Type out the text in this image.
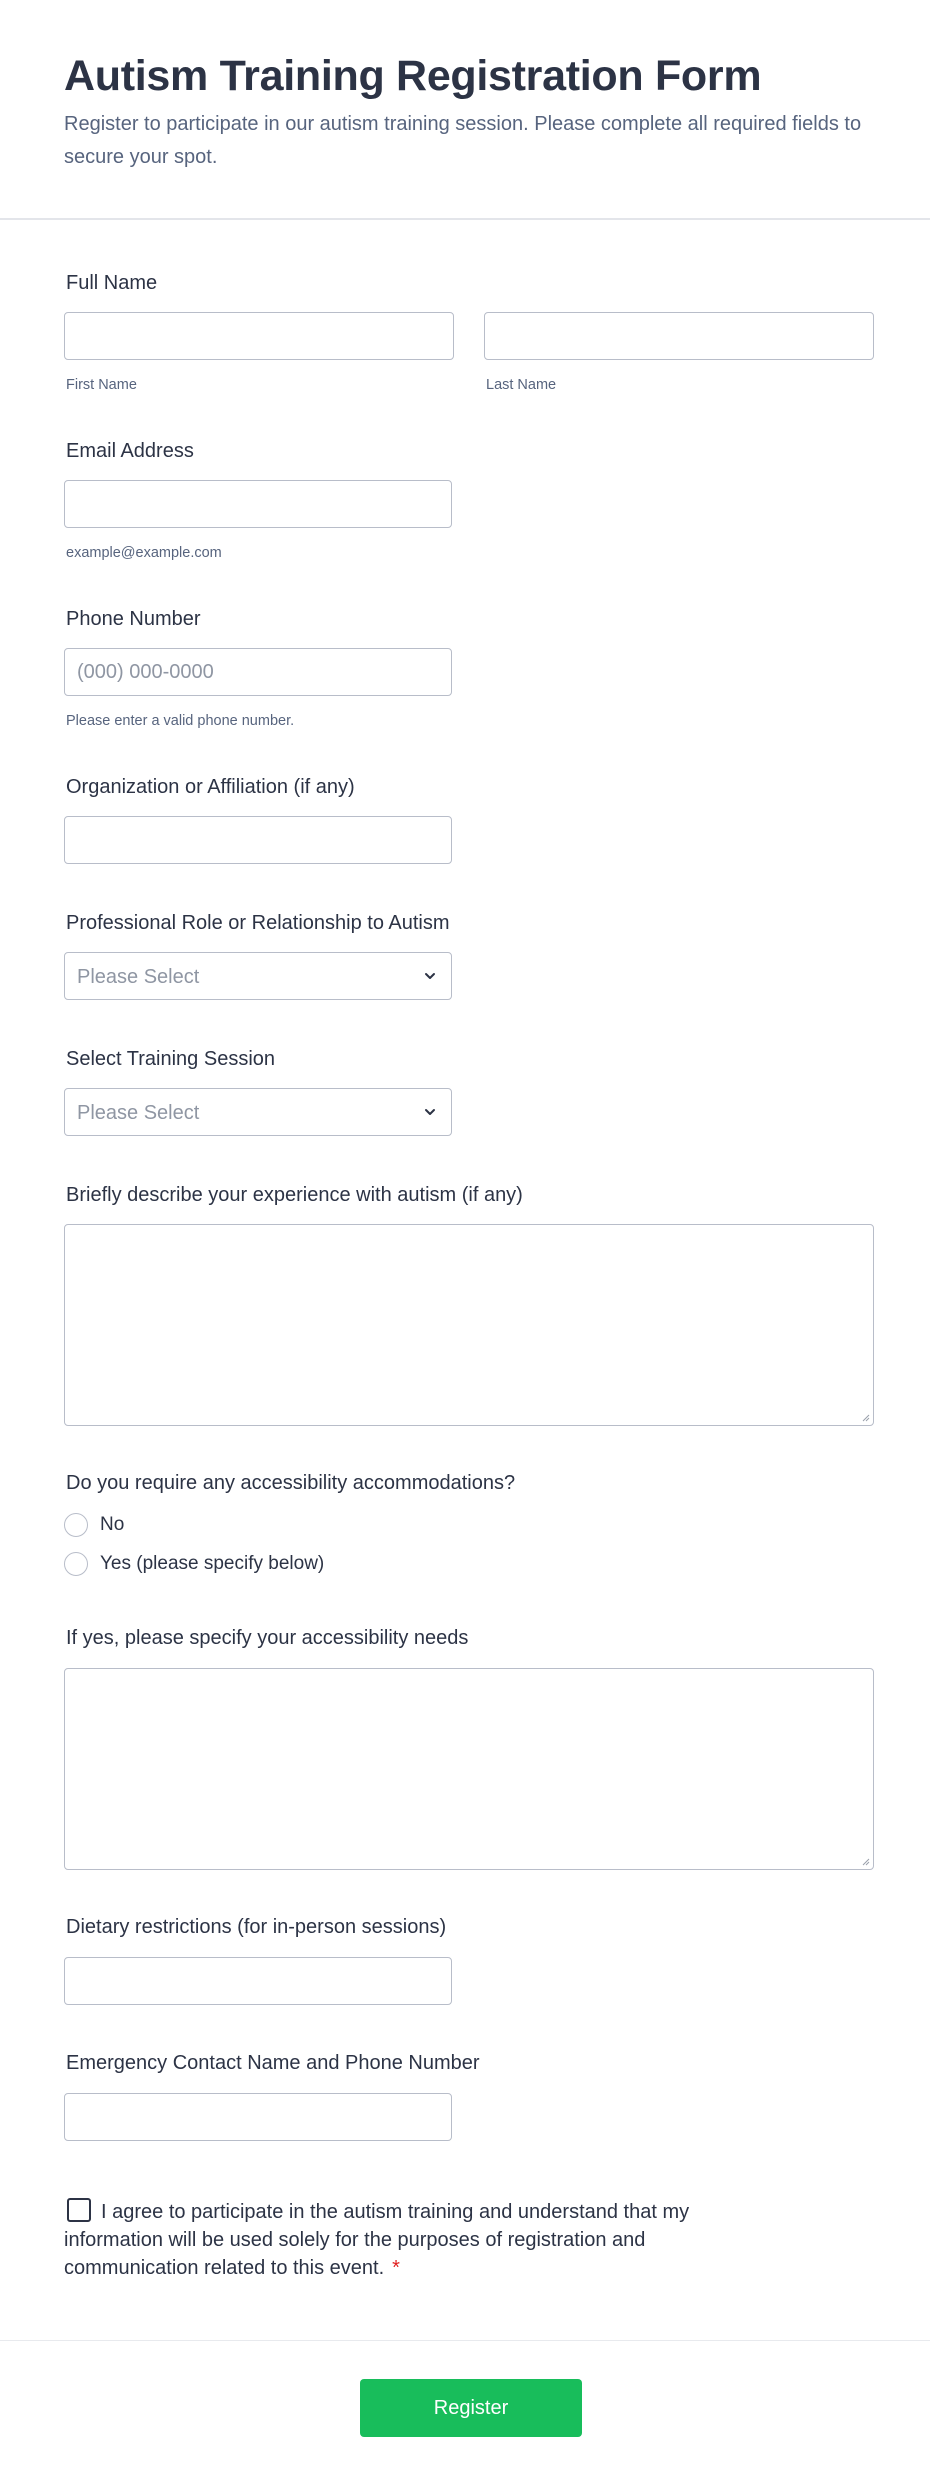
Autism Training Registration Form

Register to participate in our autism training session. Please complete all required fields to secure your spot.

Full Name
First Name	Last Name
Email Address
example@example.com
Phone Number
(000) 000-0000
Please enter a valid phone number.
Organization or Affiliation (if any)
Professional Role or Relationship to Autism
Please Select
Select Training Session
Please Select
Briefly describe your experience with autism (if any)
Do you require any accessibility accommodations?
No
Yes (please specify below)
If yes, please specify your accessibility needs
Dietary restrictions (for in-person sessions)
Emergency Contact Name and Phone Number
I agree to participate in the autism training and understand that my information will be used solely for the purposes of registration and communication related to this event. *
Register
